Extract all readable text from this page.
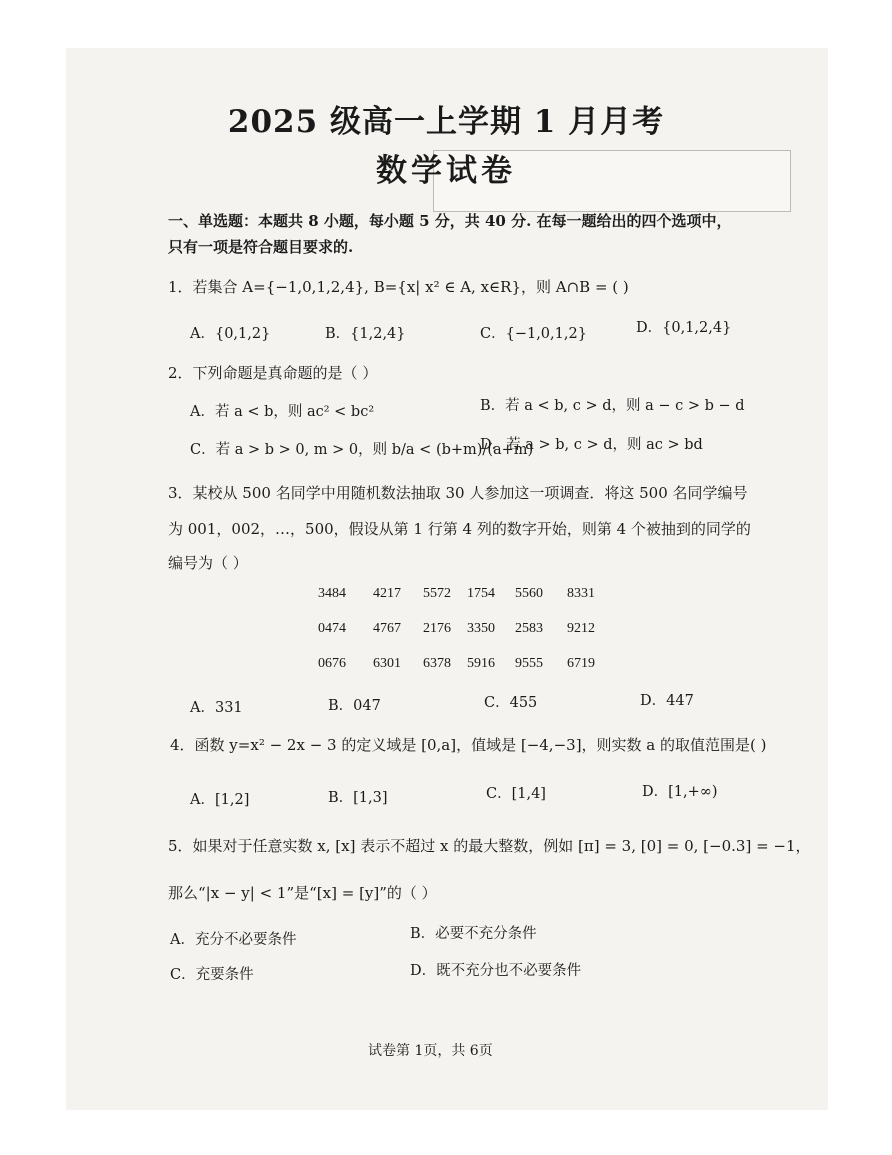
2025 级高一上学期 1 月月考
数学试卷
一、单选题：本题共 8 小题，每小题 5 分，共 40 分. 在每一题给出的四个选项中，
只有一项是符合题目要求的.
1．若集合 A={−1,0,1,2,4}, B={x| x² ∈ A, x∈R}，则 A∩B = ( )
A．{0,1,2}	B．{1,2,4}	C．{−1,0,1,2}	D．{0,1,2,4}
2．下列命题是真命题的是（ ）
A．若 a < b，则 ac² < bc²	B．若 a < b, c > d，则 a − c > b − d
C．若 a > b > 0, m > 0，则 b/a < (b+m)/(a+m)
D．若 a > b, c > d，则 ac > bd
3．某校从 500 名同学中用随机数法抽取 30 人参加这一项调查．将这 500 名同学编号
为 001，002，…，500，假设从第 1 行第 4 列的数字开始，则第 4 个被抽到的同学的
编号为（ ）
3484 4217 5572 1754 5560 8331
0474 4767 2176 3350 2583 9212
0676 6301 6378 5916 9555 6719
A．331	B．047	C．455	D．447
4．函数 y=x² − 2x − 3 的定义域是 [0,a]，值域是 [−4,−3]，则实数 a 的取值范围是( )
A．[1,2]	B．[1,3]	C．[1,4]	D．[1,+∞)
5．如果对于任意实数 x, [x] 表示不超过 x 的最大整数，例如 [π] = 3, [0] = 0, [−0.3] = −1，
那么“|x − y| < 1”是“[x] = [y]”的（ ）
A．充分不必要条件	B．必要不充分条件
C．充要条件	D．既不充分也不必要条件
试卷第 1页，共 6页
